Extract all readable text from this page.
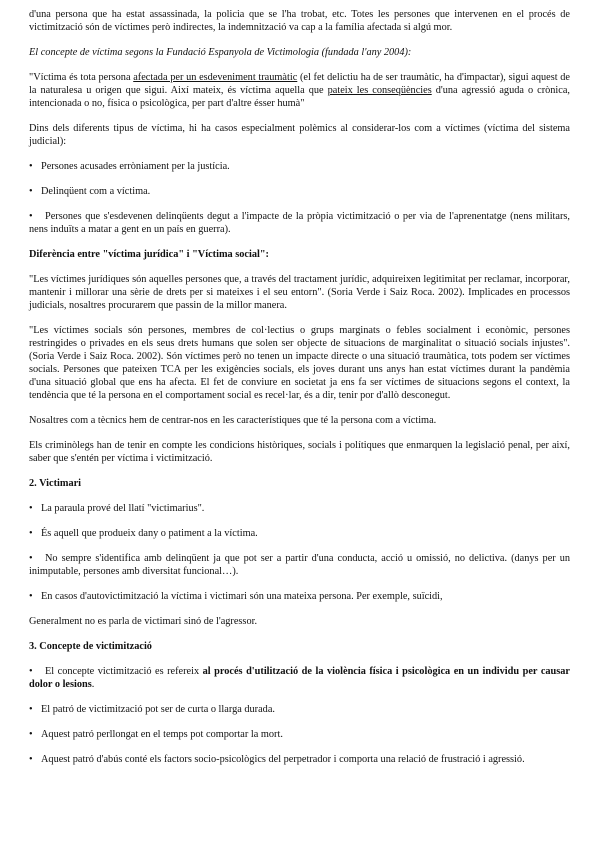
d'una persona que ha estat assassinada, la policia que se l'ha trobat, etc. Totes les persones que intervenen en el procés de victimització són de víctimes però indirectes, la indemnització va cap a la família afectada si algú mor.

El concepte de víctima segons la Fundació Espanyola de Victimologia (fundada l'any 2004):

"Víctima és tota persona afectada per un esdeveniment traumàtic (el fet delictiu ha de ser traumàtic, ha d'impactar), sigui aquest de la naturalesa u origen que sigui. Així mateix, és víctima aquella que pateix les conseqüències d'una agressió aguda o crònica, intencionada o no, física o psicològica, per part d'altre ésser humà"

Dins dels diferents tipus de víctima, hi ha casos especialment polèmics al considerar-los com a víctimes (víctima del sistema judicial):

• Persones acusades erròniament per la justícia.

• Delinqüent com a víctima.

• Persones que s'esdevenen delinqüents degut a l'impacte de la pròpia victimització o per via de l'aprenentatge (nens militars, nens induïts a matar a gent en un país en guerra).

Diferència entre "víctima jurídica" i "Víctima social":

"Les víctimes jurídiques són aquelles persones que, a través del tractament jurídic, adquireixen legitimitat per reclamar, incorporar, mantenir i millorar una sèrie de drets per si mateixes i el seu entorn". (Soria Verde i Saiz Roca. 2002). Implicades en processos judicials, nosaltres procurarem que passin de la millor manera.

"Les víctimes socials són persones, membres de col·lectius o grups marginats o febles socialment i econòmic, persones restringides o privades en els seus drets humans que solen ser objecte de situacions de marginalitat o situació socials injustes". (Soria Verde i Saiz Roca. 2002). Són víctimes però no tenen un impacte directe o una situació traumàtica, tots podem ser víctimes socials. Persones que pateixen TCA per les exigències socials, els joves durant uns anys han estat víctimes durant la pandèmia d'una situació global que ens ha afecta. El fet de conviure en societat ja ens fa ser víctimes de situacions segons el context, la tendència que té la persona en el comportament social es recel·lar, és a dir, tenir por d'allò desconegut.

Nosaltres com a tècnics hem de centrar-nos en les característiques que té la persona com a víctima.

Els criminòlegs han de tenir en compte les condicions històriques, socials i polítiques que enmarquen la legislació penal, per així, saber que s'entén per víctima i victimització.

2. Victimari

• La paraula prové del llatí "victimarius".

• És aquell que produeix dany o patiment a la víctima.

• No sempre s'identifica amb delinqüent ja que pot ser a partir d'una conducta, acció u omissió, no delictiva. (danys per un inimputable, persones amb diversitat funcional…).

• En casos d'autovictimització la víctima i victimari són una mateixa persona. Per exemple, suïcidi,

Generalment no es parla de victimari sinó de l'agressor.

3. Concepte de victimització

• El concepte victimització es refereix al procés d'utilització de la violència física i psicològica en un individu per causar dolor o lesions.

• El patró de victimització pot ser de curta o llarga durada.

• Aquest patró perllongat en el temps pot comportar la mort.

• Aquest patró d'abús conté els factors socio-psicològics del perpetrador i comporta una relació de frustració i agressió.
